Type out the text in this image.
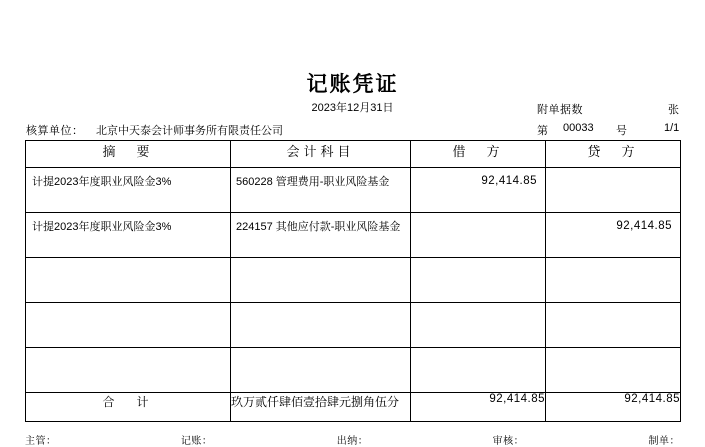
记账凭证
2023年12月31日	附单据数	张
核算单位： 北京中天泰会计师事务所有限责任公司	第 00033 号	1/1
摘　要	会计科目	借　方	贷　方

计提2023年度职业风险金3%	560228 管理费用-职业风险基金	92,414.85	

计提2023年度职业风险金3%	224157 其他应付款-职业风险基金		92,414.85

合　计	玖万贰仟肆佰壹拾肆元捌角伍分	92,414.85	92,414.85
主管：	记账：	出纳：	审核：	制单：
